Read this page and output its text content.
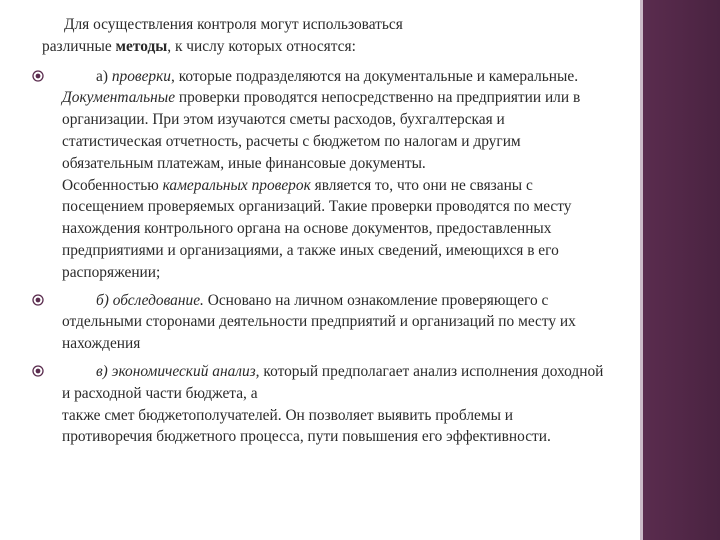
Для осуществления контроля могут использоваться
различные методы, к числу которых относятся:

а) проверки, которые подразделяются на документальные и камеральные. Документальные проверки проводятся непосредственно на предприятии или в организации. При этом изучаются сметы расходов, бухгалтерская и статистическая отчетность, расчеты с бюджетом по налогам и другим обязательным платежам, иные финансовые документы.
Особенностью камеральных проверок является то, что они не связаны с посещением проверяемых организаций. Такие проверки проводятся по месту нахождения контрольного органа на основе документов, предоставленных предприятиями и организациями, а также иных сведений, имеющихся в его распоряжении;
б) обследование. Основано на личном ознакомление проверяющего с отдельными сторонами деятельности предприятий и организаций по месту их нахождения
в) экономический анализ, который предполагает анализ исполнения доходной и расходной части бюджета, а
также смет бюджетополучателей. Он позволяет выявить проблемы и противоречия бюджетного процесса, пути повышения его эффективности.
